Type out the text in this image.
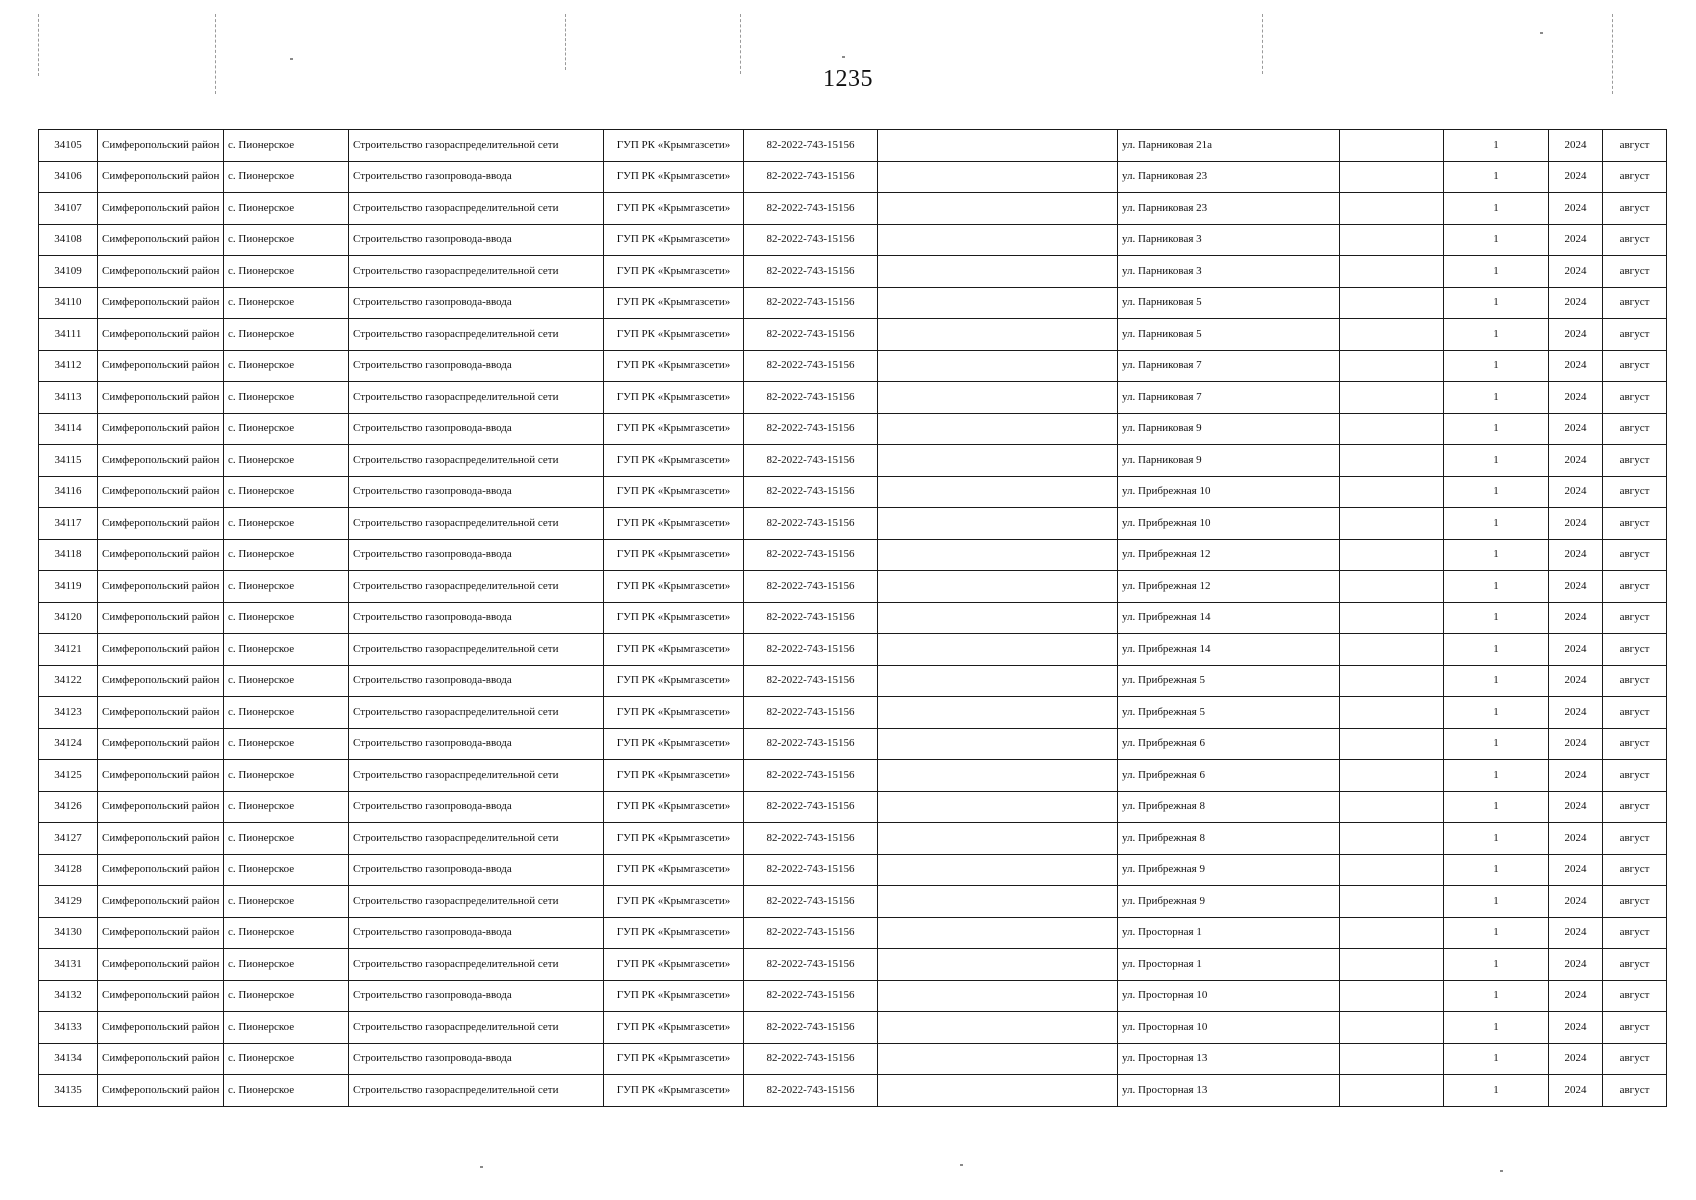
1235
34105	Симферопольский район	с. Пионерское	Строительство газораспределительной сети	ГУП РК «Крымгазсети»	82-2022-743-15156		ул. Парниковая 21а		1	2024	август
34106	Симферопольский район	с. Пионерское	Строительство газопровода-ввода	ГУП РК «Крымгазсети»	82-2022-743-15156		ул. Парниковая 23		1	2024	август
34107	Симферопольский район	с. Пионерское	Строительство газораспределительной сети	ГУП РК «Крымгазсети»	82-2022-743-15156		ул. Парниковая 23		1	2024	август
34108	Симферопольский район	с. Пионерское	Строительство газопровода-ввода	ГУП РК «Крымгазсети»	82-2022-743-15156		ул. Парниковая 3		1	2024	август
34109	Симферопольский район	с. Пионерское	Строительство газораспределительной сети	ГУП РК «Крымгазсети»	82-2022-743-15156		ул. Парниковая 3		1	2024	август
34110	Симферопольский район	с. Пионерское	Строительство газопровода-ввода	ГУП РК «Крымгазсети»	82-2022-743-15156		ул. Парниковая 5		1	2024	август
34111	Симферопольский район	с. Пионерское	Строительство газораспределительной сети	ГУП РК «Крымгазсети»	82-2022-743-15156		ул. Парниковая 5		1	2024	август
34112	Симферопольский район	с. Пионерское	Строительство газопровода-ввода	ГУП РК «Крымгазсети»	82-2022-743-15156		ул. Парниковая 7		1	2024	август
34113	Симферопольский район	с. Пионерское	Строительство газораспределительной сети	ГУП РК «Крымгазсети»	82-2022-743-15156		ул. Парниковая 7		1	2024	август
34114	Симферопольский район	с. Пионерское	Строительство газопровода-ввода	ГУП РК «Крымгазсети»	82-2022-743-15156		ул. Парниковая 9		1	2024	август
34115	Симферопольский район	с. Пионерское	Строительство газораспределительной сети	ГУП РК «Крымгазсети»	82-2022-743-15156		ул. Парниковая 9		1	2024	август
34116	Симферопольский район	с. Пионерское	Строительство газопровода-ввода	ГУП РК «Крымгазсети»	82-2022-743-15156		ул. Прибрежная 10		1	2024	август
34117	Симферопольский район	с. Пионерское	Строительство газораспределительной сети	ГУП РК «Крымгазсети»	82-2022-743-15156		ул. Прибрежная 10		1	2024	август
34118	Симферопольский район	с. Пионерское	Строительство газопровода-ввода	ГУП РК «Крымгазсети»	82-2022-743-15156		ул. Прибрежная 12		1	2024	август
34119	Симферопольский район	с. Пионерское	Строительство газораспределительной сети	ГУП РК «Крымгазсети»	82-2022-743-15156		ул. Прибрежная 12		1	2024	август
34120	Симферопольский район	с. Пионерское	Строительство газопровода-ввода	ГУП РК «Крымгазсети»	82-2022-743-15156		ул. Прибрежная 14		1	2024	август
34121	Симферопольский район	с. Пионерское	Строительство газораспределительной сети	ГУП РК «Крымгазсети»	82-2022-743-15156		ул. Прибрежная 14		1	2024	август
34122	Симферопольский район	с. Пионерское	Строительство газопровода-ввода	ГУП РК «Крымгазсети»	82-2022-743-15156		ул. Прибрежная 5		1	2024	август
34123	Симферопольский район	с. Пионерское	Строительство газораспределительной сети	ГУП РК «Крымгазсети»	82-2022-743-15156		ул. Прибрежная 5		1	2024	август
34124	Симферопольский район	с. Пионерское	Строительство газопровода-ввода	ГУП РК «Крымгазсети»	82-2022-743-15156		ул. Прибрежная 6		1	2024	август
34125	Симферопольский район	с. Пионерское	Строительство газораспределительной сети	ГУП РК «Крымгазсети»	82-2022-743-15156		ул. Прибрежная 6		1	2024	август
34126	Симферопольский район	с. Пионерское	Строительство газопровода-ввода	ГУП РК «Крымгазсети»	82-2022-743-15156		ул. Прибрежная 8		1	2024	август
34127	Симферопольский район	с. Пионерское	Строительство газораспределительной сети	ГУП РК «Крымгазсети»	82-2022-743-15156		ул. Прибрежная 8		1	2024	август
34128	Симферопольский район	с. Пионерское	Строительство газопровода-ввода	ГУП РК «Крымгазсети»	82-2022-743-15156		ул. Прибрежная 9		1	2024	август
34129	Симферопольский район	с. Пионерское	Строительство газораспределительной сети	ГУП РК «Крымгазсети»	82-2022-743-15156		ул. Прибрежная 9		1	2024	август
34130	Симферопольский район	с. Пионерское	Строительство газопровода-ввода	ГУП РК «Крымгазсети»	82-2022-743-15156		ул. Просторная 1		1	2024	август
34131	Симферопольский район	с. Пионерское	Строительство газораспределительной сети	ГУП РК «Крымгазсети»	82-2022-743-15156		ул. Просторная 1		1	2024	август
34132	Симферопольский район	с. Пионерское	Строительство газопровода-ввода	ГУП РК «Крымгазсети»	82-2022-743-15156		ул. Просторная 10		1	2024	август
34133	Симферопольский район	с. Пионерское	Строительство газораспределительной сети	ГУП РК «Крымгазсети»	82-2022-743-15156		ул. Просторная 10		1	2024	август
34134	Симферопольский район	с. Пионерское	Строительство газопровода-ввода	ГУП РК «Крымгазсети»	82-2022-743-15156		ул. Просторная 13		1	2024	август
34135	Симферопольский район	с. Пионерское	Строительство газораспределительной сети	ГУП РК «Крымгазсети»	82-2022-743-15156		ул. Просторная 13		1	2024	август
